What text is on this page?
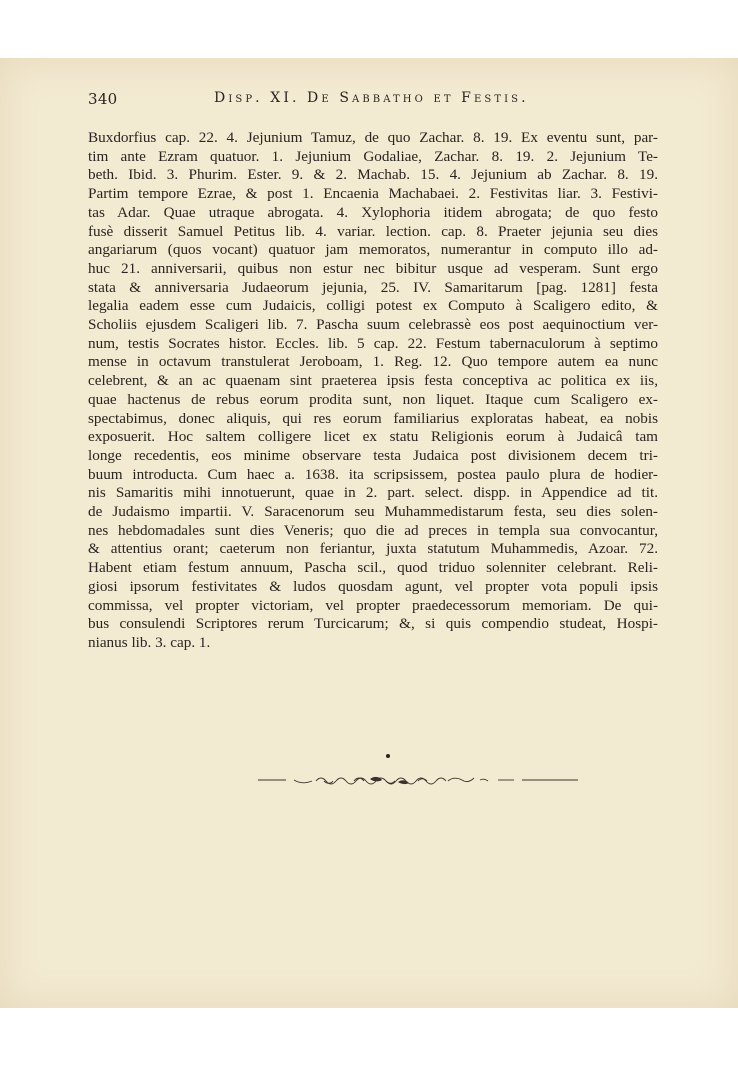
340	Disp. XI. De Sabbatho et Festis.
Buxdorfius cap. 22. 4. Jejunium Tamuz, de quo Zachar. 8. 19. Ex eventu sunt, par-
tim ante Ezram quatuor. 1. Jejunium Godaliae, Zachar. 8. 19. 2. Jejunium Te-
beth. Ibid. 3. Phurim. Ester. 9. & 2. Machab. 15. 4. Jejunium ab Zachar. 8. 19.
Partim tempore Ezrae, & post 1. Encaenia Machabaei. 2. Festivitas liar. 3. Festivi-
tas Adar. Quae utraque abrogata. 4. Xylophoria itidem abrogata; de quo festo
fusè disserit Samuel Petitus lib. 4. variar. lection. cap. 8. Praeter jejunia seu dies
angariarum (quos vocant) quatuor jam memoratos, numerantur in computo illo ad-
huc 21. anniversarii, quibus non estur nec bibitur usque ad vesperam. Sunt ergo
stata & anniversaria Judaeorum jejunia, 25. IV. Samaritarum [pag. 1281] festa
legalia eadem esse cum Judaicis, colligi potest ex Computo à Scaligero edito, &
Scholiis ejusdem Scaligeri lib. 7. Pascha suum celebrassè eos post aequinoctium ver-
num, testis Socrates histor. Eccles. lib. 5 cap. 22. Festum tabernaculorum à septimo
mense in octavum transtulerat Jeroboam, 1. Reg. 12. Quo tempore autem ea nunc
celebrent, & an ac quaenam sint praeterea ipsis festa conceptiva ac politica ex iis,
quae hactenus de rebus eorum prodita sunt, non liquet. Itaque cum Scaligero ex-
spectabimus, donec aliquis, qui res eorum familiarius exploratas habeat, ea nobis
exposuerit. Hoc saltem colligere licet ex statu Religionis eorum à Judaicâ tam
longe recedentis, eos minime observare testa Judaica post divisionem decem tri-
buum introducta. Cum haec a. 1638. ita scripsissem, postea paulo plura de hodier-
nis Samaritis mihi innotuerunt, quae in 2. part. select. dispp. in Appendice ad tit.
de Judaismo impartii. V. Saracenorum seu Muhammedistarum festa, seu dies solen-
nes hebdomadales sunt dies Veneris; quo die ad preces in templa sua convocantur,
& attentius orant; caeterum non feriantur, juxta statutum Muhammedis, Azoar. 72.
Habent etiam festum annuum, Pascha scil., quod triduo solenniter celebrant. Reli-
giosi ipsorum festivitates & ludos quosdam agunt, vel propter vota populi ipsis
commissa, vel propter victoriam, vel propter praedecessorum memoriam. De qui-
bus consulendi Scriptores rerum Turcicarum; &, si quis compendio studeat, Hospi-
nianus lib. 3. cap. 1.
